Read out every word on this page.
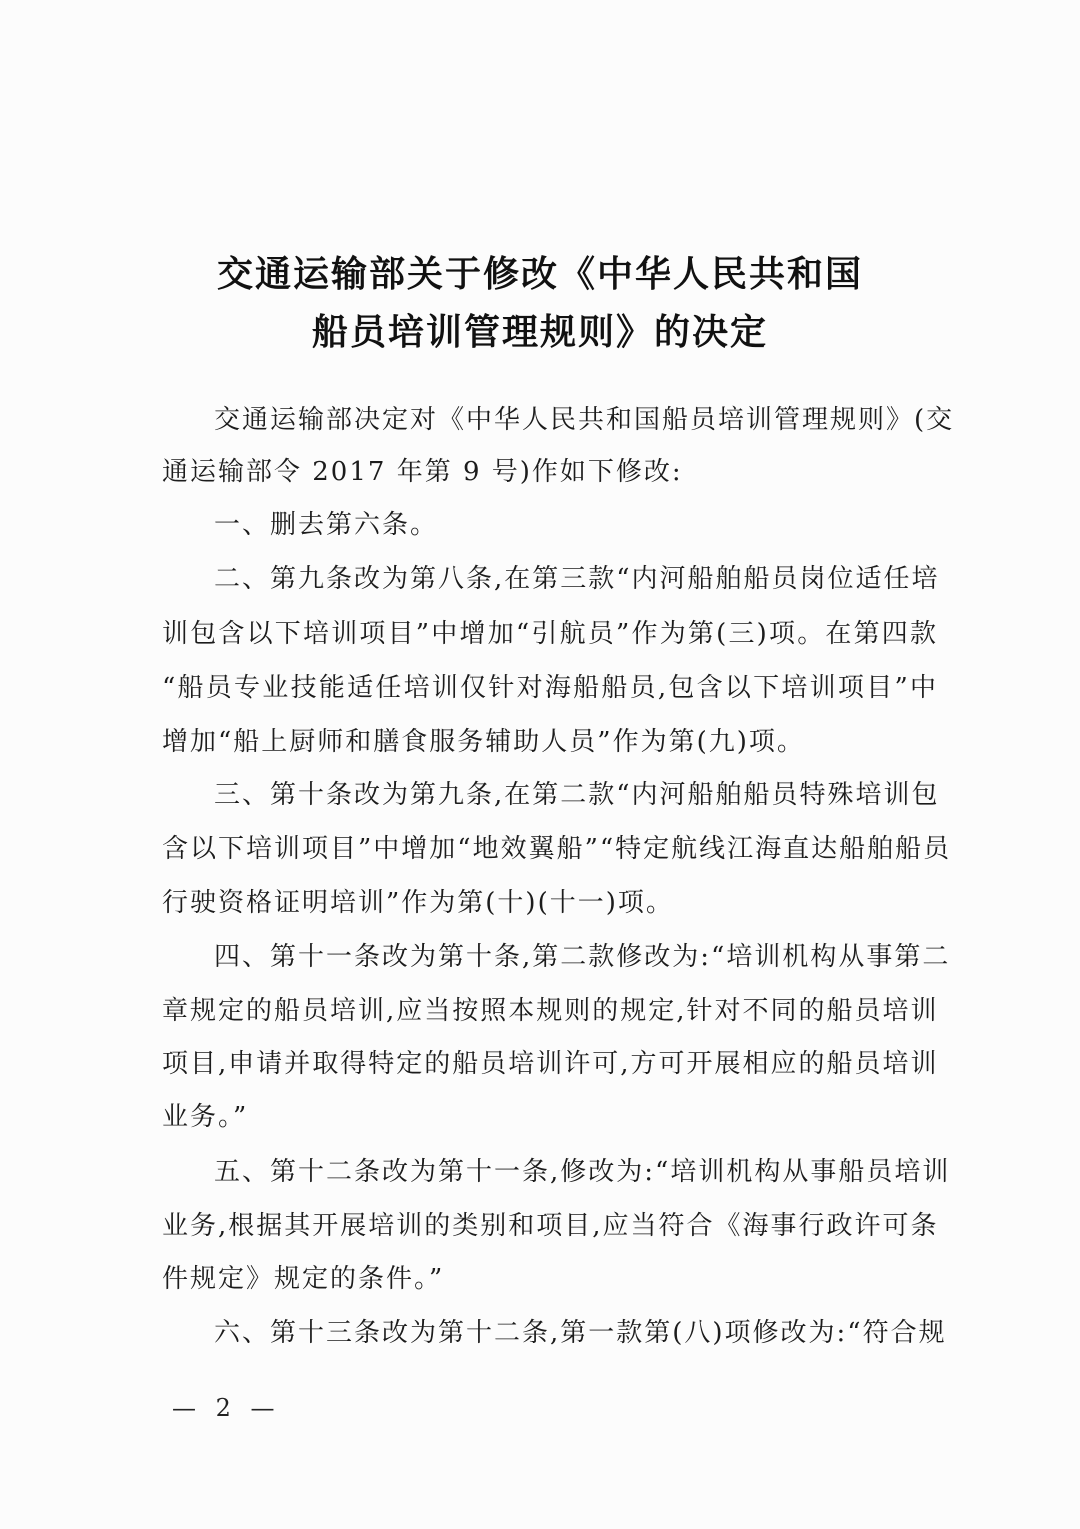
交通运输部关于修改《中华人民共和国
船员培训管理规则》的决定
交通运输部决定对《中华人民共和国船员培训管理规则》(交
通运输部令 2017 年第 9 号)作如下修改:
一、删去第六条。
二、第九条改为第八条,在第三款“内河船舶船员岗位适任培
训包含以下培训项目”中增加“引航员”作为第(三)项。在第四款
“船员专业技能适任培训仅针对海船船员,包含以下培训项目”中
增加“船上厨师和膳食服务辅助人员”作为第(九)项。
三、第十条改为第九条,在第二款“内河船舶船员特殊培训包
含以下培训项目”中增加“地效翼船”“特定航线江海直达船舶船员
行驶资格证明培训”作为第(十)(十一)项。
四、第十一条改为第十条,第二款修改为:“培训机构从事第二
章规定的船员培训,应当按照本规则的规定,针对不同的船员培训
项目,申请并取得特定的船员培训许可,方可开展相应的船员培训
业务。”
五、第十二条改为第十一条,修改为:“培训机构从事船员培训
业务,根据其开展培训的类别和项目,应当符合《海事行政许可条
件规定》规定的条件。”
六、第十三条改为第十二条,第一款第(八)项修改为:“符合规
— 2 —
